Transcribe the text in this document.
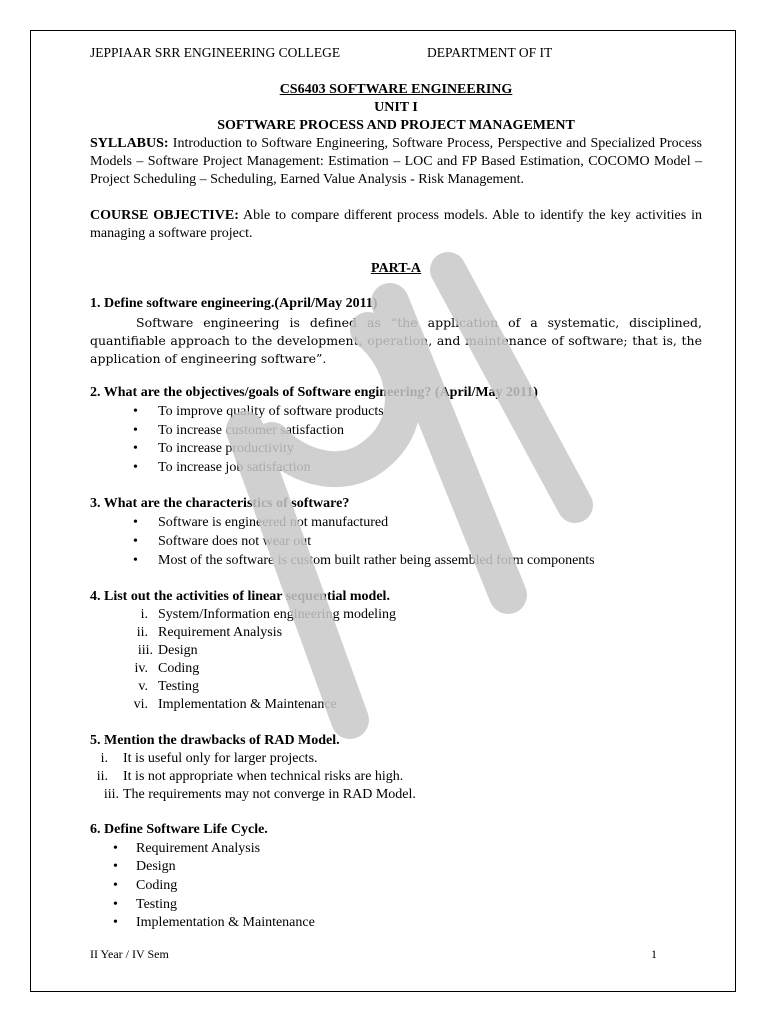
JEPPIAAR SRR ENGINEERING COLLEGE	DEPARTMENT OF IT
CS6403 SOFTWARE ENGINEERING
UNIT I
SOFTWARE PROCESS AND PROJECT MANAGEMENT
SYLLABUS: Introduction to Software Engineering, Software Process, Perspective and Specialized Process Models – Software Project Management: Estimation – LOC and FP Based Estimation, COCOMO Model – Project Scheduling – Scheduling, Earned Value Analysis - Risk Management.
COURSE OBJECTIVE: Able to compare different process models. Able to identify the key activities in managing a software project.
PART-A
1. Define software engineering.(April/May 2011)
Software engineering is defined as “the application of a systematic, disciplined, quantifiable approach to the development, operation, and maintenance of software; that is, the application of engineering software”.
2. What are the objectives/goals of Software engineering? (April/May 2011)
• To improve quality of software products
• To increase customer satisfaction
• To increase productivity
• To increase job satisfaction
3. What are the characteristics of software?
• Software is engineered not manufactured
• Software does not wear out
• Most of the software is custom built rather being assembled form components
4. List out the activities of linear sequential model.
i. System/Information engineering modeling
ii. Requirement Analysis
iii. Design
iv. Coding
v. Testing
vi. Implementation & Maintenance
5. Mention the drawbacks of RAD Model.
i. It is useful only for larger projects.
ii. It is not appropriate when technical risks are high.
iii. The requirements may not converge in RAD Model.
6. Define Software Life Cycle.
• Requirement Analysis
• Design
• Coding
• Testing
• Implementation & Maintenance
II Year / IV Sem	1
